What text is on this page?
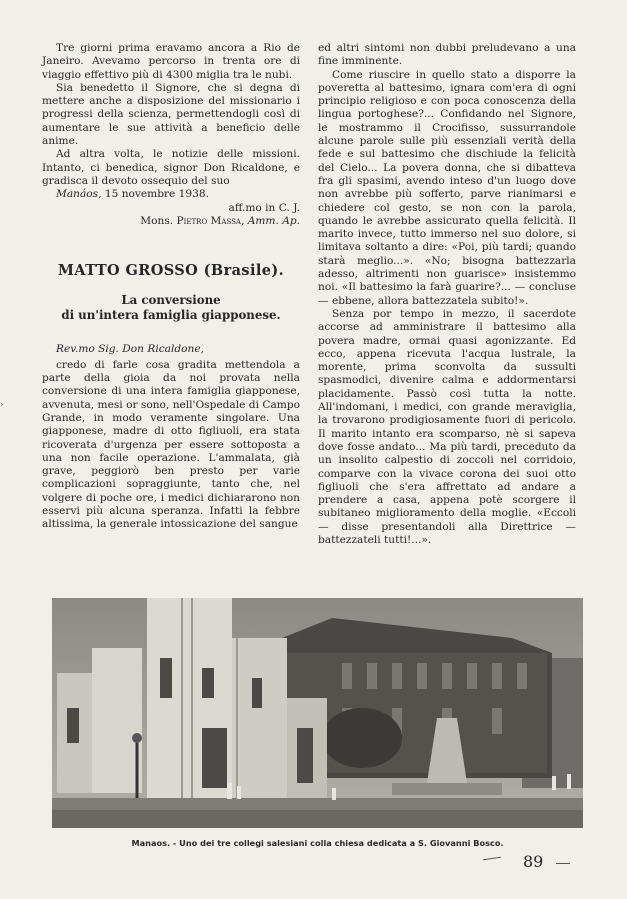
›

Tre giorni prima eravamo ancora a Rio de Janeiro. Avevamo percorso in trenta ore di viaggio effettivo più di 4300 miglia tra le nubi.

Sia benedetto il Signore, che si degna di mettere anche a disposizione del missionario i progressi della scienza, permettendogli così di aumentare le sue attività a beneficio delle anime.

Ad altra volta, le notizie delle missioni. Intanto, ci benedica, signor Don Ricaldone, e gradisca il devoto ossequio del suo

Manáos, 15 novembre 1938.

aff.mo in C. J.

Mons. Pietro Massa, Amm. Ap.

MATTO GROSSO (Brasile).
La conversione
di un'intera famiglia giapponese.

Rev.mo Sig. Don Ricaldone,

credo di farle cosa gradita mettendola a parte della gioia da noi provata nella conversione di una intera famiglia giapponese, avvenuta, mesi or sono, nell'Ospedale di Campo Grande, in modo veramente singolare. Una giapponese, madre di otto figliuoli, era stata ricoverata d'urgenza per essere sottoposta a una non facile operazione. L'ammalata, già grave, peggiorò ben presto per varie complicazioni sopraggiunte, tanto che, nel volgere di poche ore, i medici dichiararono non esservi più alcuna speranza. Infatti la febbre altissima, la generale intossicazione del sangue

ed altri sintomi non dubbi preludevano a una fine imminente.

Come riuscire in quello stato a disporre la poveretta al battesimo, ignara com'era di ogni principio religioso e con poca conoscenza della lingua portoghese?... Confidando nel Signore, le mostrammo il Crocifisso, sussurrandole alcune parole sulle più essenziali verità della fede e sul battesimo che dischiude la felicità del Cielo... La povera donna, che si dibatteva fra gli spasimi, avendo inteso d'un luogo dove non avrebbe più sofferto, parve rianimarsi e chiedere col gesto, se non con la parola, quando le avrebbe assicurato quella felicità. Il marito invece, tutto immerso nel suo dolore, si limitava soltanto a dire: «Poi, più tardi; quando starà meglio...». «No; bisogna battezzarla adesso, altrimenti non guarisce» insistemmo noi. «Il battesimo la farà guarire?... — concluse — ebbene, allora battezzatela subito!».

Senza por tempo in mezzo, il sacerdote accorse ad amministrare il battesimo alla povera madre, ormai quasi agonizzante. Ed ecco, appena ricevuta l'acqua lustrale, la morente, prima sconvolta da sussulti spasmodici, divenire calma e addormentarsi placidamente. Passò così tutta la notte. All'indomani, i medici, con grande meraviglia, la trovarono prodigiosamente fuori di pericolo. Il marito intanto era scomparso, nè si sapeva dove fosse andato... Ma più tardi, preceduto da un insolito calpestio di zoccoli nel corridoio, comparve con la vivace corona dei suoi otto figliuoli che s'era affrettato ad andare a prendere a casa, appena potè scorgere il subitaneo miglioramento della moglie. «Eccoli — disse presentandoli alla Direttrice — battezzateli tutti!...».

Manaos. - Uno dei tre collegi salesiani colla chiesa dedicata a S. Giovanni Bosco.
89
